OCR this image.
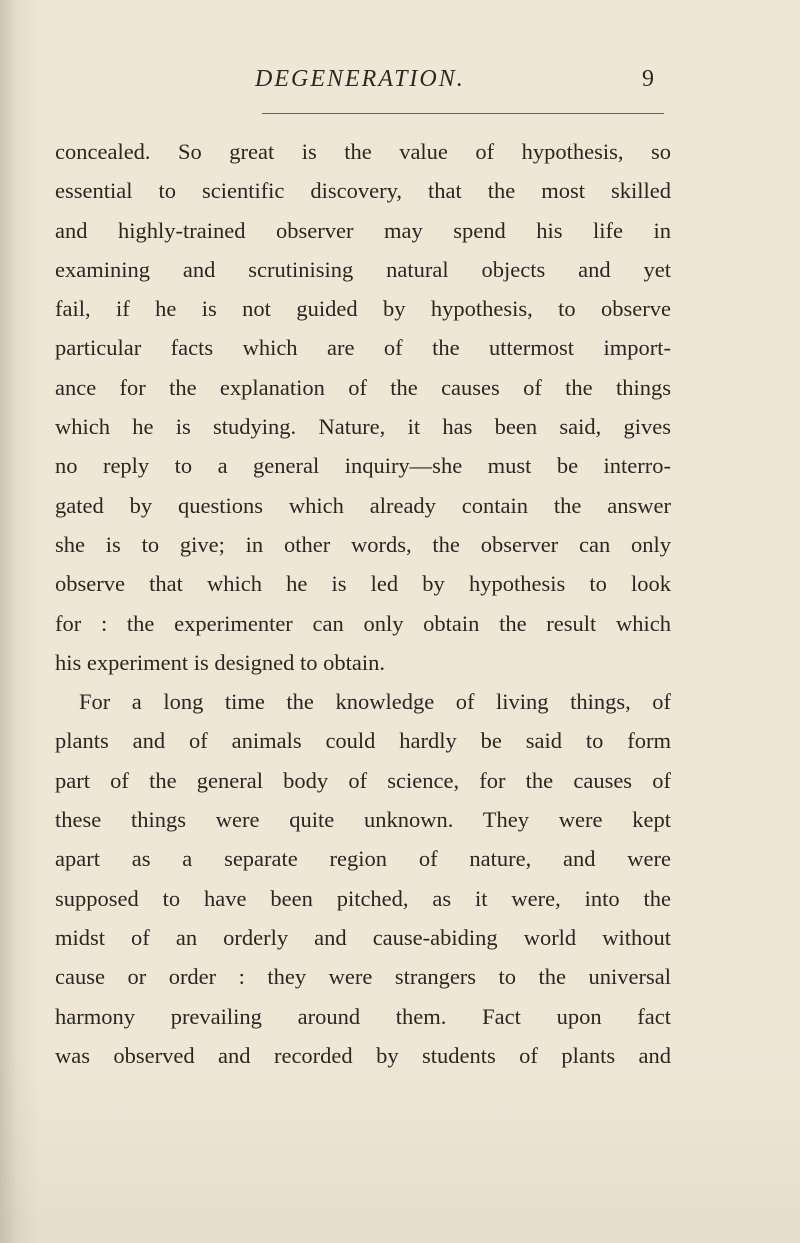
DEGENERATION.	9
concealed. So great is the value of hypothesis, so
essential to scientific discovery, that the most skilled
and highly-trained observer may spend his life in
examining and scrutinising natural objects and yet
fail, if he is not guided by hypothesis, to observe
particular facts which are of the uttermost import-
ance for the explanation of the causes of the things
which he is studying. Nature, it has been said, gives
no reply to a general inquiry—she must be interro-
gated by questions which already contain the answer
she is to give; in other words, the observer can only
observe that which he is led by hypothesis to look
for : the experimenter can only obtain the result which
his experiment is designed to obtain.
For a long time the knowledge of living things, of
plants and of animals could hardly be said to form
part of the general body of science, for the causes of
these things were quite unknown. They were kept
apart as a separate region of nature, and were
supposed to have been pitched, as it were, into the
midst of an orderly and cause-abiding world without
cause or order : they were strangers to the universal
harmony prevailing around them. Fact upon fact
was observed and recorded by students of plants and
